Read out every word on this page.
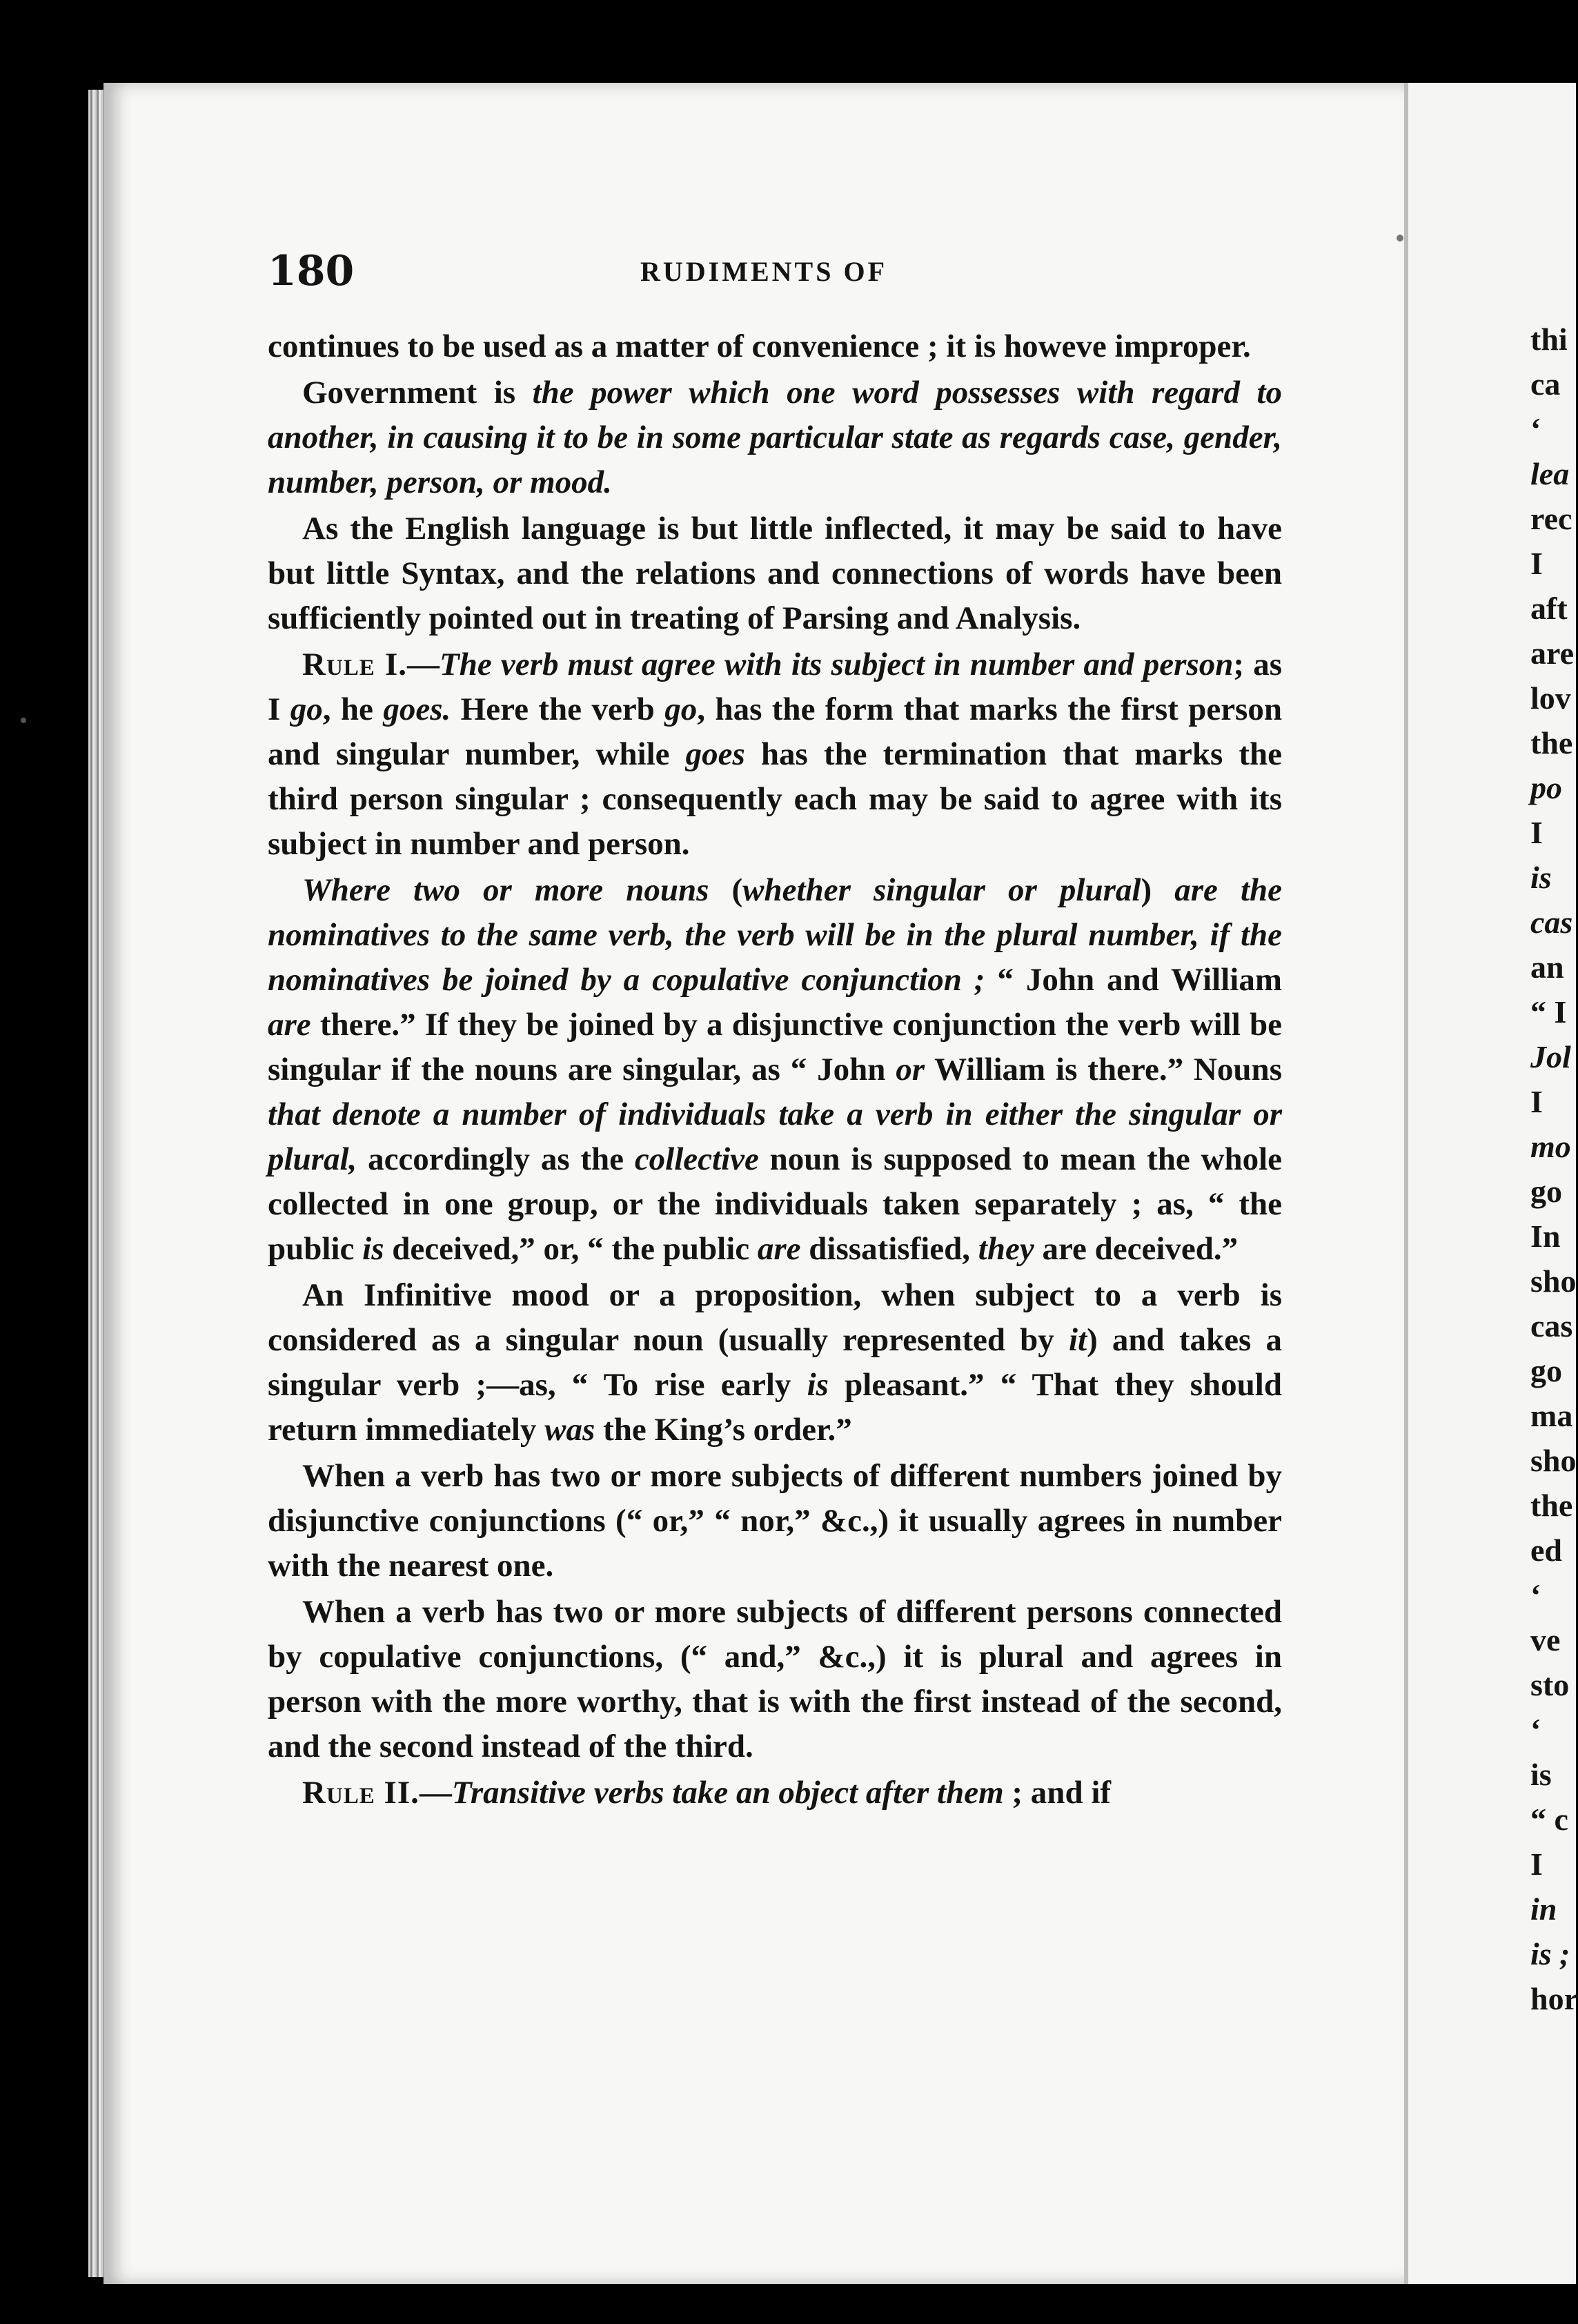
180	RUDIMENTS OF

continues to be used as a matter of convenience ; it is howeve improper.

Government is the power which one word possesses with regard to another, in causing it to be in some particular state as regards case, gender, number, person, or mood.

As the English language is but little inflected, it may be said to have but little Syntax, and the relations and connections of words have been sufficiently pointed out in treating of Parsing and Analysis.

Rule I.—The verb must agree with its subject in number and person; as I go, he goes. Here the verb go, has the form that marks the first person and singular number, while goes has the termination that marks the third person singular ; consequently each may be said to agree with its subject in number and person.

Where two or more nouns (whether singular or plural) are the nominatives to the same verb, the verb will be in the plural number, if the nominatives be joined by a copulative conjunction ; “ John and William are there.” If they be joined by a disjunctive conjunction the verb will be singular if the nouns are singular, as “ John or William is there.” Nouns that denote a number of individuals take a verb in either the singular or plural, accordingly as the collective noun is supposed to mean the whole collected in one group, or the individuals taken separately ; as, “ the public is deceived,” or, “ the public are dissatisfied, they are deceived.”

An Infinitive mood or a proposition, when subject to a verb is considered as a singular noun (usually represented by it) and takes a singular verb ;—as, “ To rise early is pleasant.” “ That they should return immediately was the King’s order.”

When a verb has two or more subjects of different numbers joined by disjunctive conjunctions (“ or,” “ nor,” &c.,) it usually agrees in number with the nearest one.

When a verb has two or more subjects of different persons connected by copulative conjunctions, (“ and,” &c.,) it is plural and agrees in person with the more worthy, that is with the first instead of the second, and the second instead of the third.

Rule II.—Transitive verbs take an object after them ; and if

thi
ca
‘
lea
rec
I
aft
are
lov
the
po
I
is
cas
an
“ I
Jol
I
mo
go
In
sho
cas
go
ma
sho
the
ed
‘
ve
sto
‘
is
“ c
I
in
is ;
hor
